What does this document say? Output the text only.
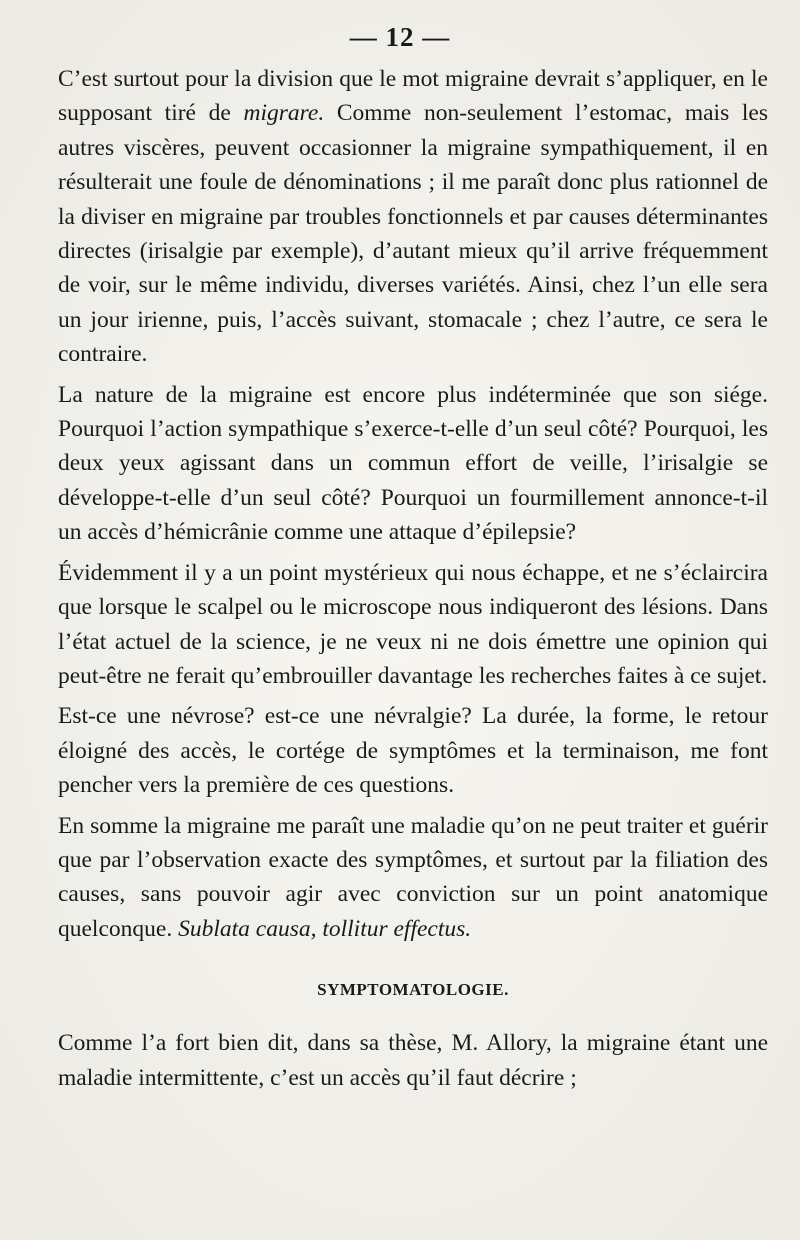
— 12 —

C’est surtout pour la division que le mot migraine devrait s’appliquer, en le supposant tiré de migrare. Comme non-seulement l’estomac, mais les autres viscères, peuvent occasionner la migraine sympathiquement, il en résulterait une foule de dénominations ; il me paraît donc plus rationnel de la diviser en migraine par troubles fonctionnels et par causes déterminantes directes (irisalgie par exemple), d’autant mieux qu’il arrive fréquemment de voir, sur le même individu, diverses variétés. Ainsi, chez l’un elle sera un jour irienne, puis, l’accès suivant, stomacale ; chez l’autre, ce sera le contraire.

La nature de la migraine est encore plus indéterminée que son siége. Pourquoi l’action sympathique s’exerce-t-elle d’un seul côté? Pourquoi, les deux yeux agissant dans un commun effort de veille, l’irisalgie se développe-t-elle d’un seul côté? Pourquoi un fourmillement annonce-t-il un accès d’hémicrânie comme une attaque d’épilepsie?

Évidemment il y a un point mystérieux qui nous échappe, et ne s’éclaircira que lorsque le scalpel ou le microscope nous indiqueront des lésions. Dans l’état actuel de la science, je ne veux ni ne dois émettre une opinion qui peut-être ne ferait qu’embrouiller davantage les recherches faites à ce sujet.

Est-ce une névrose? est-ce une névralgie? La durée, la forme, le retour éloigné des accès, le cortége de symptômes et la terminaison, me font pencher vers la première de ces questions.

En somme la migraine me paraît une maladie qu’on ne peut traiter et guérir que par l’observation exacte des symptômes, et surtout par la filiation des causes, sans pouvoir agir avec conviction sur un point anatomique quelconque. Sublata causa, tollitur effectus.

SYMPTOMATOLOGIE.

Comme l’a fort bien dit, dans sa thèse, M. Allory, la migraine étant une maladie intermittente, c’est un accès qu’il faut décrire ;
